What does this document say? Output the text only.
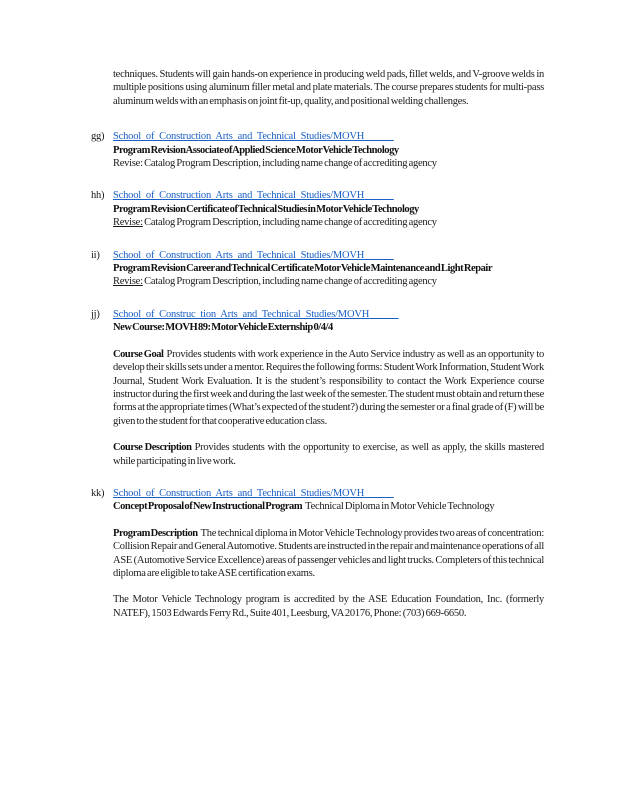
techniques. Students will gain hands-on experience in producing weld pads, fillet welds, and V-groove welds in multiple positions using aluminum filler metal and plate materials. The course prepares students for multi-pass aluminum welds with an emphasis on joint fit-up, quality, and positional welding challenges.

gg) School of Construction Arts and Technical Studies/MOVH
Program Revision Associate of Applied Science Motor Vehicle Technology
Revise: Catalog Program Description, including name change of accrediting agency
hh) School of Construction Arts and Technical Studies/MOVH
Program Revision Certificate of Technical Studies in Motor Vehicle Technology
Revise: Catalog Program Description, including name change of accrediting agency
ii) School of Construction Arts and Technical Studies/MOVH
Program Revision Career and Technical Certificate Motor Vehicle Maintenance and Light Repair
Revise: Catalog Program Description, including name change of accrediting agency
jj) School of Construc tion Arts and Technical Studies/MOVH
New Course: MOVH 89: Motor Vehicle Externship 0/4/4

Course Goal Provides students with work experience in the Auto Service industry as well as an opportunity to develop their skills sets under a mentor. Requires the following forms: Student Work Information, Student Work Journal, Student Work Evaluation. It is the student’s responsibility to contact the Work Experience course instructor during the first week and during the last week of the semester. The student must obtain and return these forms at the appropriate times (What’s expected of the student?) during the semester or a final grade of (F) will be given to the student for that cooperative education class.

Course Description Provides students with the opportunity to exercise, as well as apply, the skills mastered while participating in live work.

kk) School of Construction Arts and Technical Studies/MOVH
Concept Proposal of New Instructional Program Technical Diploma in Motor Vehicle Technology

Program Description The technical diploma in Motor Vehicle Technology provides two areas of concentration: Collision Repair and General Automotive. Students are instructed in the repair and maintenance operations of all ASE (Automotive Service Excellence) areas of passenger vehicles and light trucks. Completers of this technical diploma are eligible to take ASE certification exams.

The Motor Vehicle Technology program is accredited by the ASE Education Foundation, Inc. (formerly NATEF), 1503 Edwards Ferry Rd., Suite 401, Leesburg, VA 20176, Phone: (703) 669-6650.
